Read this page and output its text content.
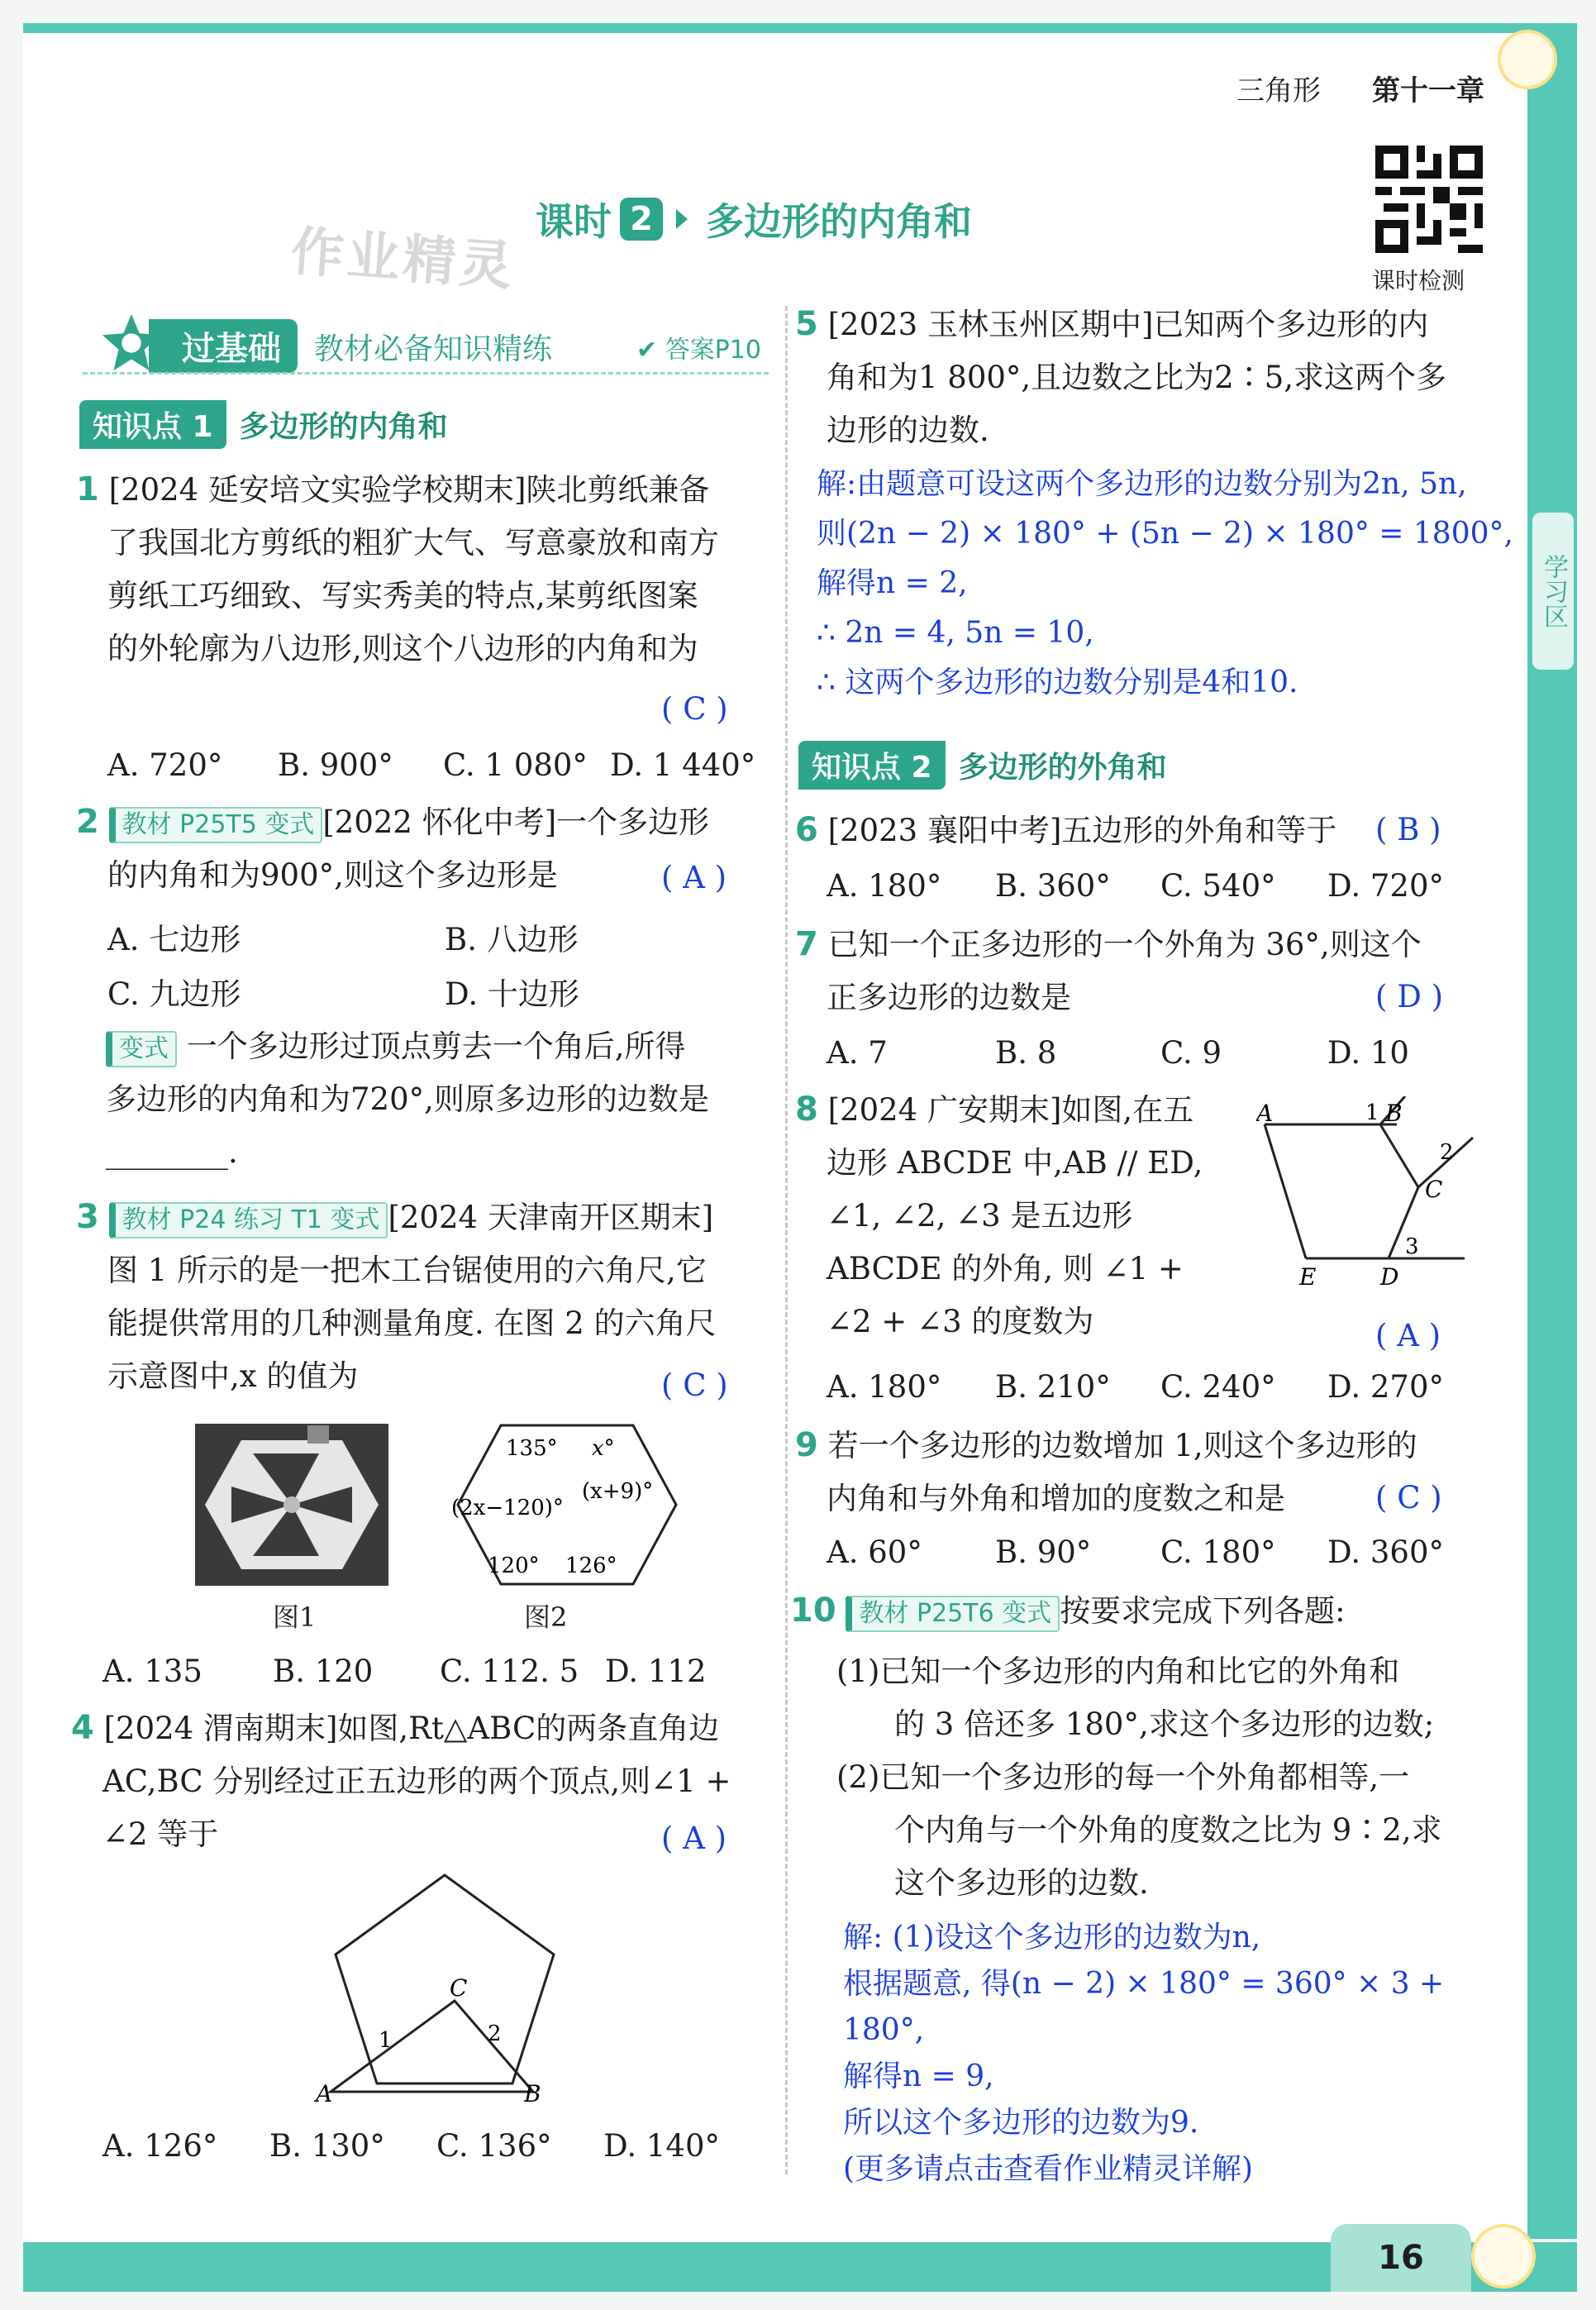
16
学习区
三角形 第十一章
作业精灵 课时 2 多边形的内角和
课时检测
过基础	教材必备知识精练	✔ 答案P10
知识点 1 多边形的内角和
1 [2024 延安培文实验学校期末]陕北剪纸兼备
了我国北方剪纸的粗犷大气、写意豪放和南方
剪纸工巧细致、写实秀美的特点,某剪纸图案
的外轮廓为八边形,则这个八边形的内角和为
( C )
A. 720° B. 900° C. 1 080° D. 1 440°
2 教材 P25T5 变式 [2022 怀化中考]一个多边形
的内角和为900°,则这个多边形是	( A )
A. 七边形	B. 八边形
C. 九边形	D. 十边形
变式 一个多边形过顶点剪去一个角后,所得
多边形的内角和为720°,则原多边形的边数是
________.
3 教材 P24 练习 T1 变式 [2024 天津南开区期末]
图 1 所示的是一把木工台锯使用的六角尺,它
能提供常用的几种测量角度. 在图 2 的六角尺
示意图中,x 的值为	( C )
图1
135° x°
(2x−120)°
(x+9)°
120° 126°
图2
A. 135 B. 120 C. 112. 5 D. 112
4 [2024 渭南期末]如图,Rt△ABC的两条直角边
AC,BC 分别经过正五边形的两个顶点,则∠1 +
∠2 等于	( A )
C
1	2
A	B
A. 126° B. 130° C. 136° D. 140°
5 [2023 玉林玉州区期中]已知两个多边形的内
角和为1 800°,且边数之比为2∶5,求这两个多
边形的边数.
解:由题意可设这两个多边形的边数分别为2n, 5n,
则(2n − 2) × 180° + (5n − 2) × 180° = 1800°,
解得n = 2,
∴ 2n = 4, 5n = 10,
∴ 这两个多边形的边数分别是4和10.
知识点 2 多边形的外角和
6 [2023 襄阳中考]五边形的外角和等于	( B )
A. 180° B. 360° C. 540° D. 720°
7 已知一个正多边形的一个外角为 36°,则这个
正多边形的边数是	( D )
A. 7	B. 8	C. 9	D. 10
8 [2024 广安期末]如图,在五
边形 ABCDE 中,AB // ED,
∠1, ∠2, ∠3 是五边形
ABCDE 的外角, 则 ∠1 +
∠2 + ∠3 的度数为
A	1 B
2
C
3
E	D
( A )
A. 180° B. 210° C. 240° D. 270°
9 若一个多边形的边数增加 1,则这个多边形的
内角和与外角和增加的度数之和是	( C )
A. 60° B. 90° C. 180° D. 360°
10 教材 P25T6 变式 按要求完成下列各题:
(1)已知一个多边形的内角和比它的外角和
的 3 倍还多 180°,求这个多边形的边数;
(2)已知一个多边形的每一个外角都相等,一
个内角与一个外角的度数之比为 9∶2,求
这个多边形的边数.
解: (1)设这个多边形的边数为n,
根据题意, 得(n − 2) × 180° = 360° × 3 + 180°,
解得n = 9,
所以这个多边形的边数为9.
(更多请点击查看作业精灵详解)
